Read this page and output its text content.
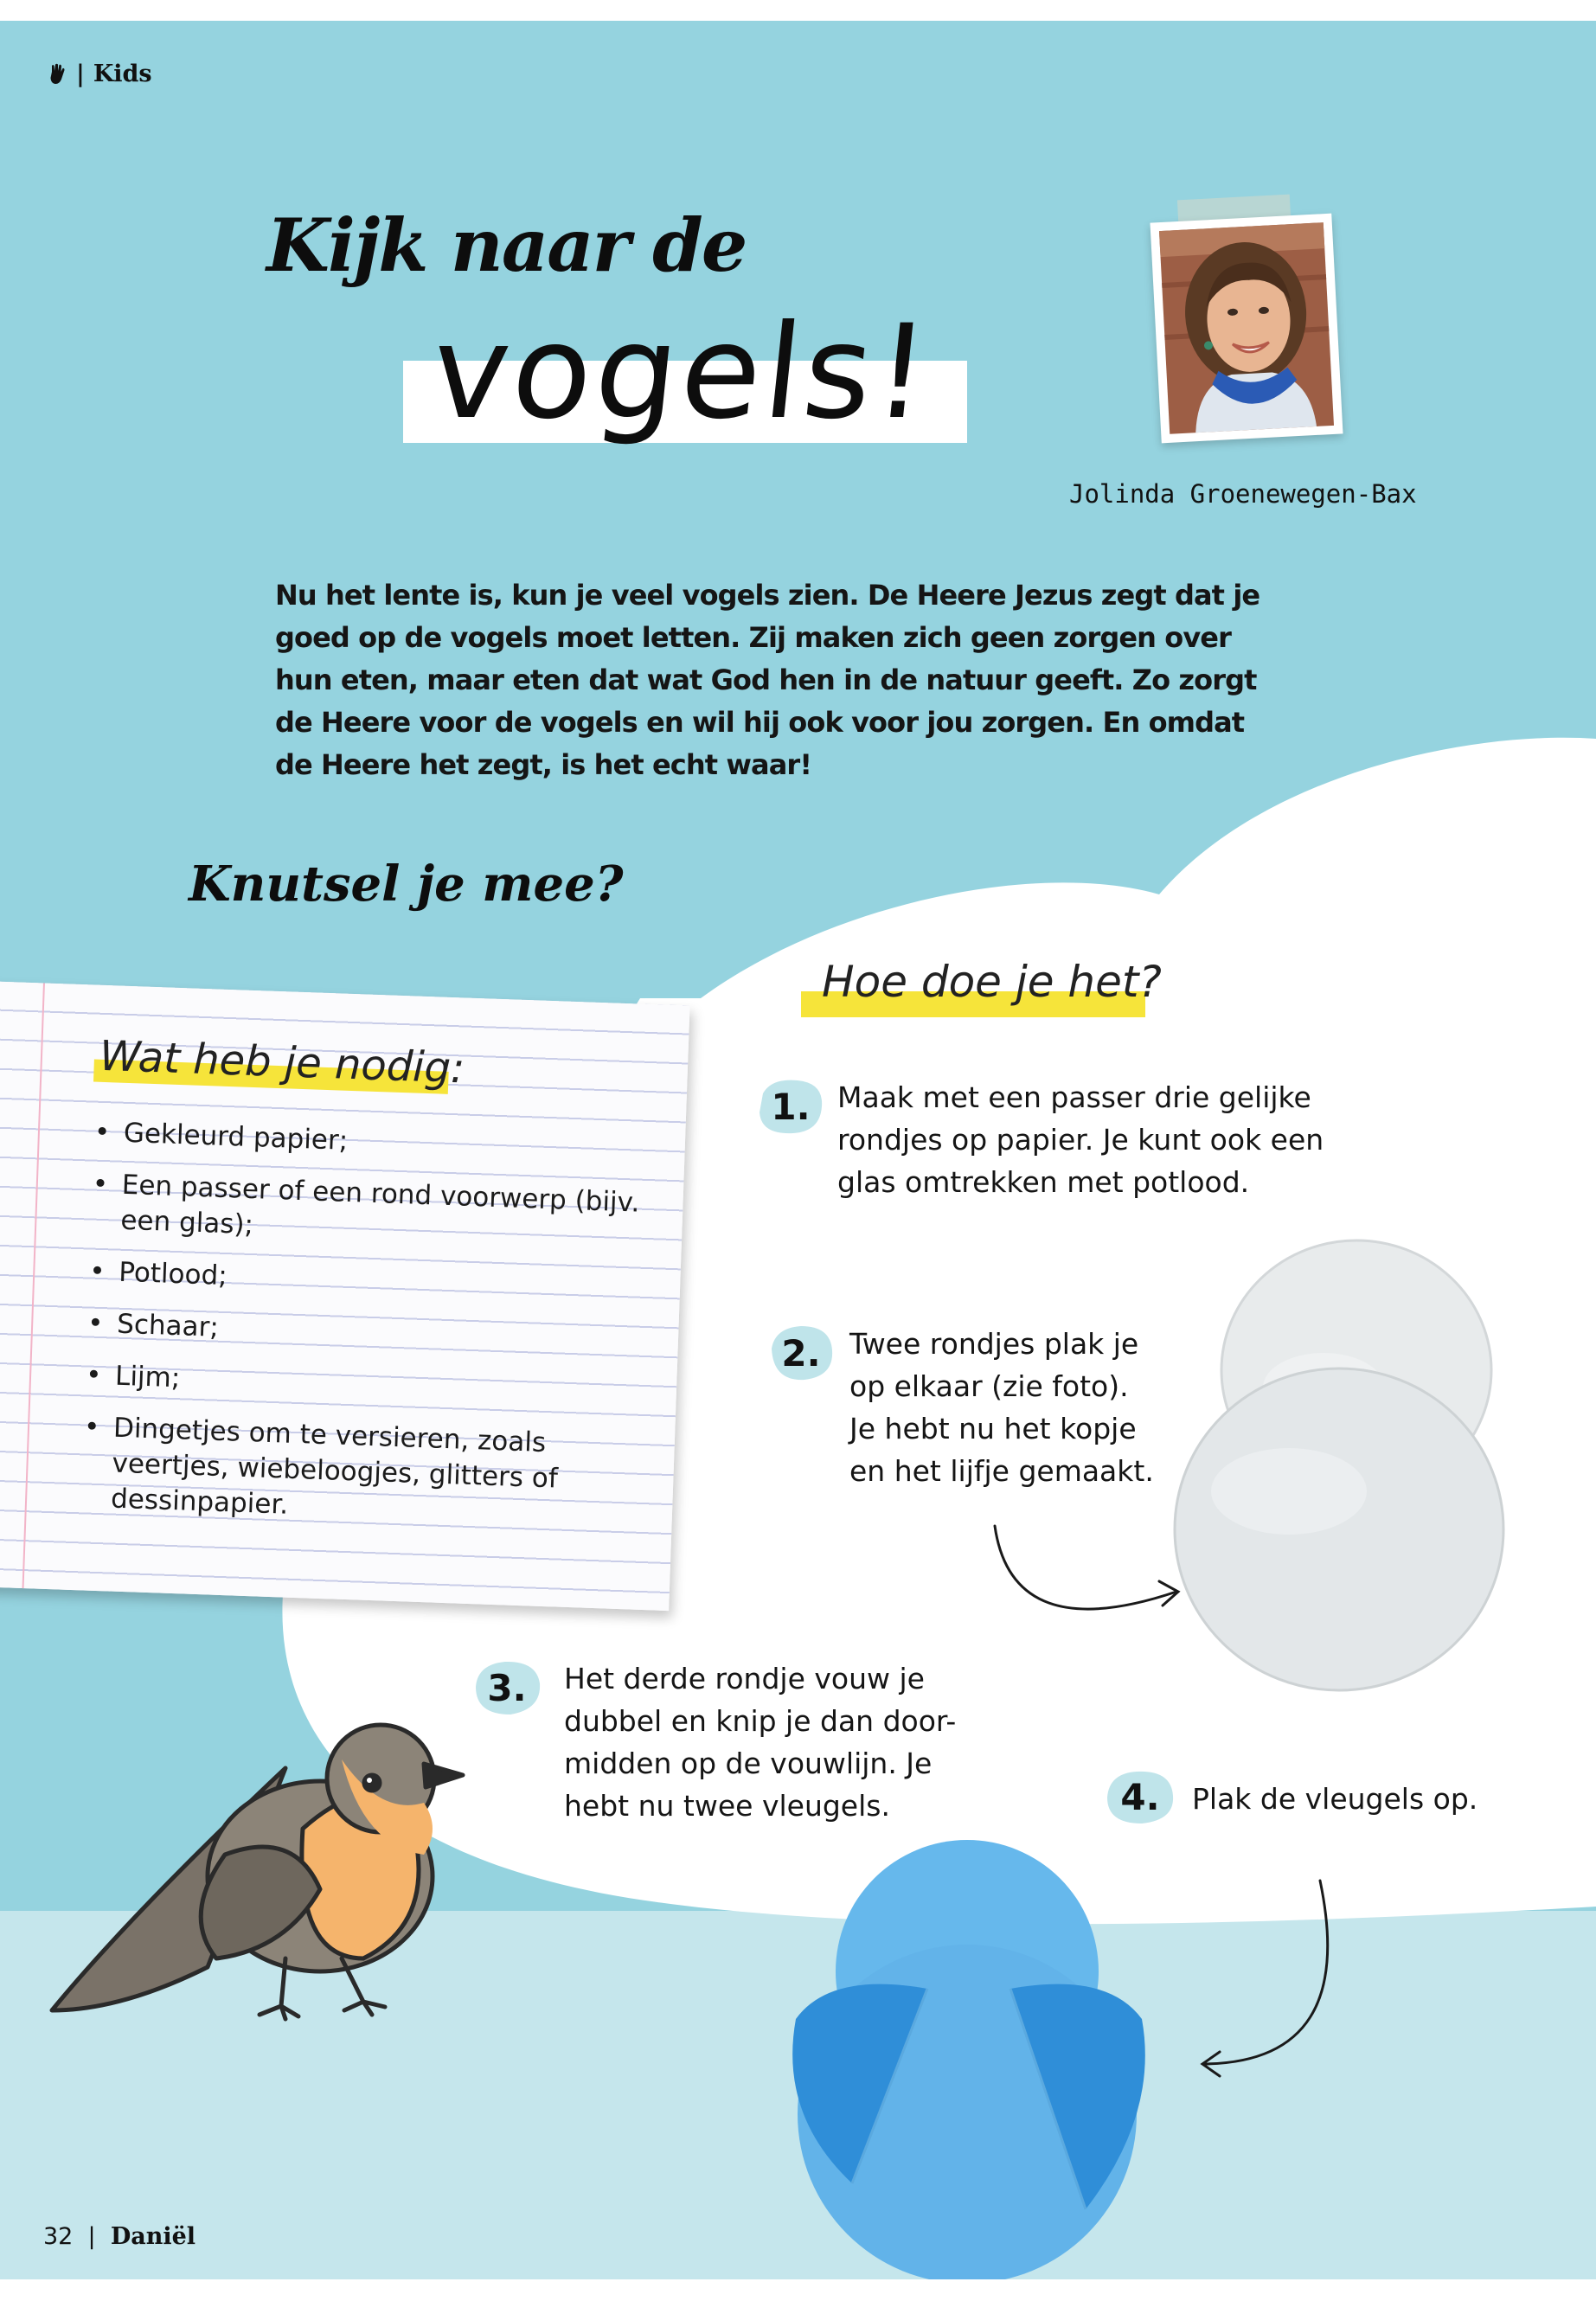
| Kids
Kijk naar de
vogels!
Jolinda Groenewegen-Bax

Nu het lente is, kun je veel vogels zien. De Heere Jezus zegt dat je

goed op de vogels moet letten. Zij maken zich geen zorgen over

hun eten, maar eten dat wat God hen in de natuur geeft. Zo zorgt

de Heere voor de vogels en wil hij ook voor jou zorgen. En omdat

de Heere het zegt, is het echt waar!

Knutsel je mee?
Wat heb je nodig:
• Gekleurd papier;
• Een passer of een rond voorwerp (bijv. een glas);
• Potlood;
• Schaar;
• Lijm;
• Dingetjes om te versieren, zoals veertjes, wiebeloogjes, glitters of dessinpapier.
Hoe doe je het?
1. Maak met een passer drie gelijke
rondjes op papier. Je kunt ook een
glas omtrekken met potlood.

2. Twee rondjes plak je
op elkaar (zie foto).
Je hebt nu het kopje
en het lijfje gemaakt.

3. Het derde rondje vouw je
dubbel en knip je dan door-
midden op de vouwlijn. Je
hebt nu twee vleugels.	4. Plak de vleugels op.

32  |  Daniël
